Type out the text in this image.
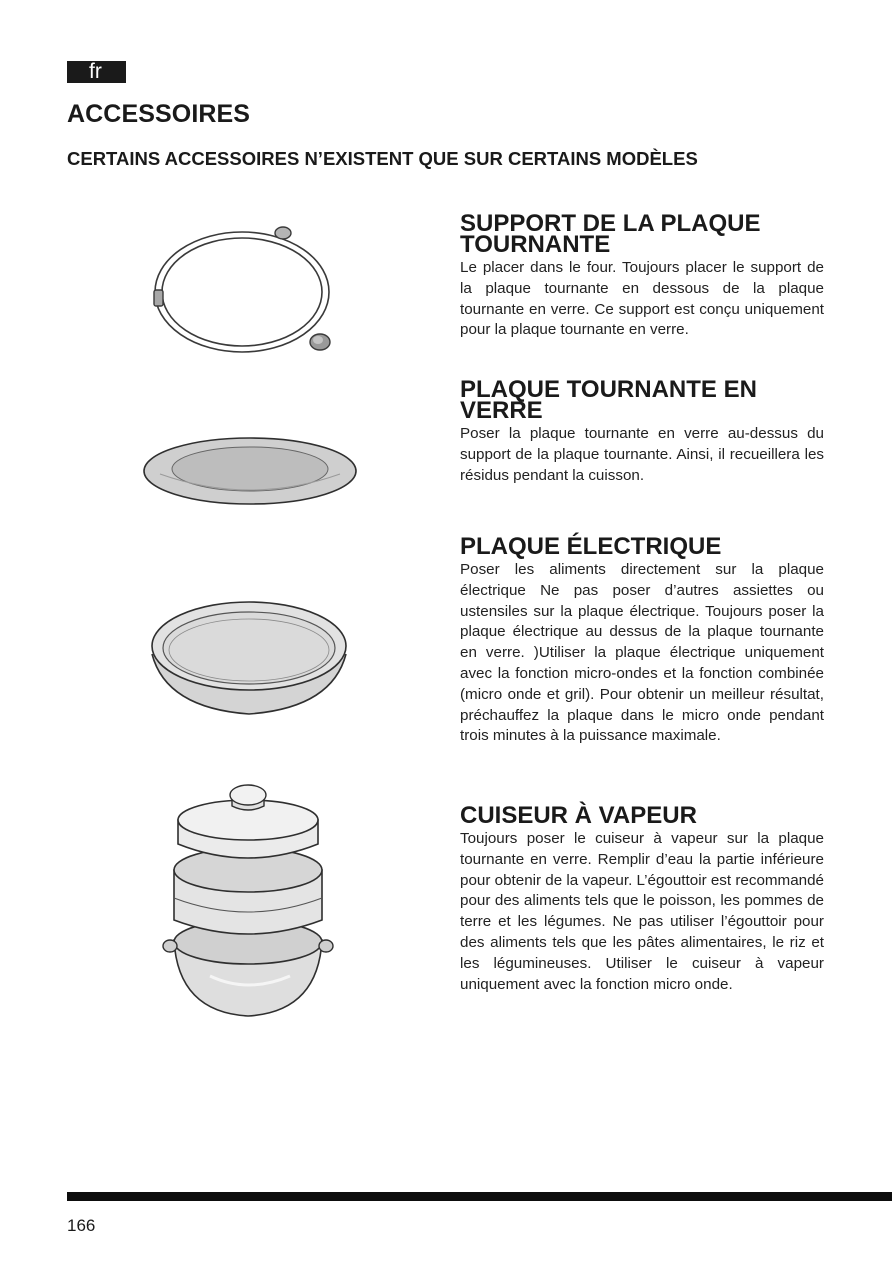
fr
ACCESSOIRES
CERTAINS ACCESSOIRES N’EXISTENT QUE SUR CERTAINS MODÈLES
SUPPORT DE LA PLAQUE TOURNANTE

Le placer dans le four. Toujours placer le support de la plaque tournante en dessous de la plaque tournante en verre. Ce support est conçu uniquement pour la plaque tournante en verre.

PLAQUE TOURNANTE EN VERRE

Poser la plaque tournante en verre au-dessus du support de la plaque tournante. Ainsi, il recueillera les résidus pendant la cuisson.

PLAQUE ÉLECTRIQUE

Poser les aliments directement sur la plaque électrique Ne pas poser d’autres assiettes ou ustensiles sur la plaque électrique. Toujours poser la plaque électrique au dessus de la plaque tournante en verre. )Utiliser la plaque électrique uniquement avec la fonction micro-ondes et la fonction combinée (micro onde et gril). Pour obtenir un meilleur résultat, préchauffez la plaque dans le micro onde pendant trois minutes à la puissance maximale.

CUISEUR À VAPEUR

Toujours poser le cuiseur à vapeur sur la plaque tournante en verre. Remplir d’eau la partie inférieure pour obtenir de la vapeur. L’égouttoir est recommandé pour des aliments tels que le poisson, les pommes de terre et les légumes. Ne pas utiliser l’égouttoir pour des aliments tels que les pâtes alimentaires, le riz et les légumineuses. Utiliser le cuiseur à vapeur uniquement avec la fonction micro onde.

166
